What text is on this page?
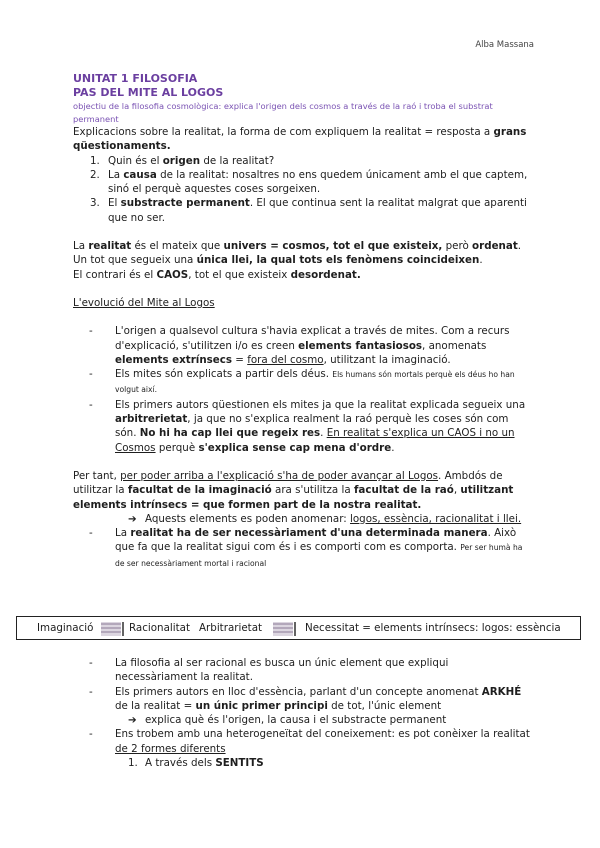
Alba Massana
UNITAT 1 FILOSOFIA
PAS DEL MITE AL LOGOS
objectiu de la filosofia cosmològica: explica l'origen dels cosmos a través de la raó i troba el substrat permanent

Explicacions sobre la realitat, la forma de com expliquem la realitat = resposta a grans qüestionaments.

1. Quin és el origen de la realitat?
2. La causa de la realitat: nosaltres no ens quedem únicament amb el que captem, sinó el perquè aquestes coses sorgeixen.
3. El substracte permanent. El que continua sent la realitat malgrat que aparenti que no ser.

La realitat és el mateix que univers = cosmos, tot el que existeix, però ordenat. Un tot que segueix una única llei, la qual tots els fenòmens coincideixen.

El contrari és el CAOS, tot el que existeix desordenat.

L'evolució del Mite al Logos

- L'origen a qualsevol cultura s'havia explicat a través de mites. Com a recurs d'explicació, s'utilitzen i/o es creen elements fantasiosos, anomenats elements extrínsecs = fora del cosmo, utilitzant la imaginació.
- Els mites són explicats a partir dels déus. Els humans són mortals perquè els déus ho han volgut així.
- Els primers autors qüestionen els mites ja que la realitat explicada segueix una arbitrerietat, ja que no s'explica realment la raó perquè les coses són com són. No hi ha cap llei que regeix res. En realitat s'explica un CAOS i no un Cosmos perquè s'explica sense cap mena d'ordre.

Per tant, per poder arriba a l'explicació s'ha de poder avançar al Logos. Ambdós de utilitzar la facultat de la imaginació ara s'utilitza la facultat de la raó, utilitzant elements intrínsecs = que formen part de la nostra realitat.

➔ Aquests elements es poden anomenar: logos, essència, racionalitat i llei.
- La realitat ha de ser necessàriament d'una determinada manera. Això que fa que la realitat sigui com és i es comporti com es comporta. Per ser humà ha de ser necessàriament mortal i racional
Imaginació	Racionalitat Arbitrarietat	Necessitat = elements intrínsecs: logos: essència
- La filosofia al ser racional es busca un únic element que expliqui necessàriament la realitat.
- Els primers autors en lloc d'essència, parlant d'un concepte anomenat ARKHÉ de la realitat = un únic primer principi de tot, l'únic element
➔ explica què és l'origen, la causa i el substracte permanent
- Ens trobem amb una heterogeneïtat del coneixement: es pot conèixer la realitat de 2 formes diferents
1. A través dels SENTITS
